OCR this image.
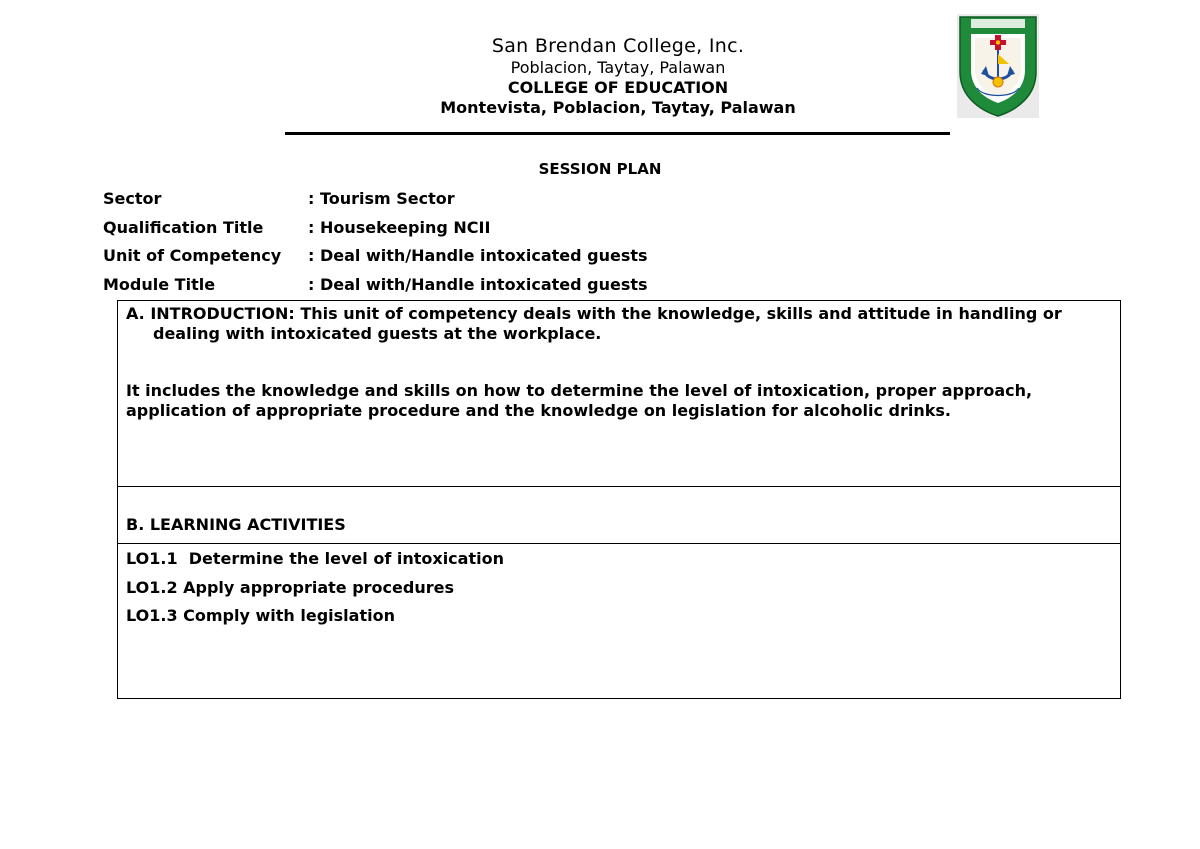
San Brendan College, Inc.
Poblacion, Taytay, Palawan
COLLEGE OF EDUCATION
Montevista, Poblacion, Taytay, Palawan
SESSION PLAN
Sector	: Tourism Sector
Qualification Title	: Housekeeping NCII
Unit of Competency : Deal with/Handle intoxicated guests
Module Title	: Deal with/Handle intoxicated guests
A. INTRODUCTION: This unit of competency deals with the knowledge, skills and attitude in handling or dealing with intoxicated guests at the workplace.
It includes the knowledge and skills on how to determine the level of intoxication, proper approach, application of appropriate procedure and the knowledge on legislation for alcoholic drinks.
B. LEARNING ACTIVITIES
LO1.1  Determine the level of intoxication
LO1.2 Apply appropriate procedures
LO1.3 Comply with legislation
